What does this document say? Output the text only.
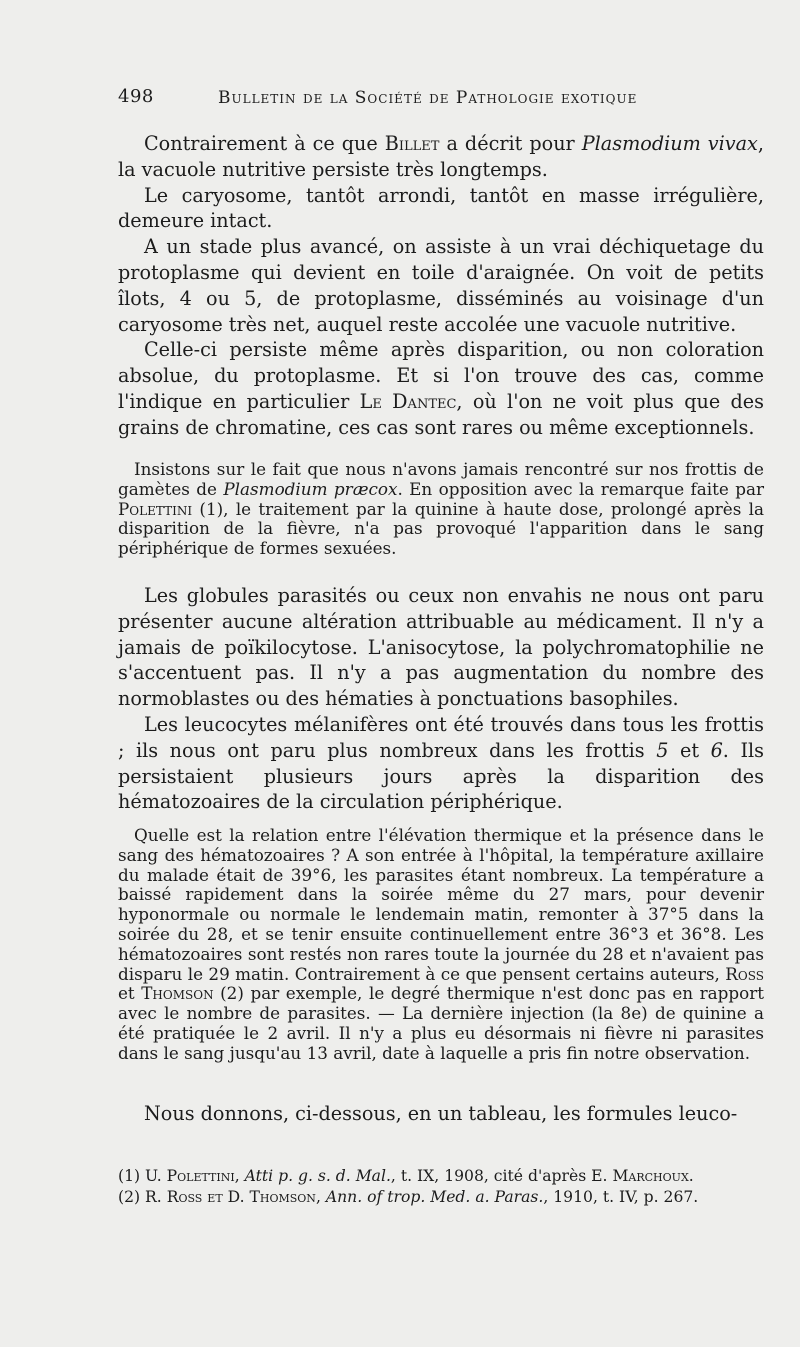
498	Bulletin de la Société de Pathologie exotique

Contrairement à ce que Billet a décrit pour Plasmodium vivax, la vacuole nutritive persiste très longtemps.

Le caryosome, tantôt arrondi, tantôt en masse irrégulière, demeure intact.

A un stade plus avancé, on assiste à un vrai déchiquetage du protoplasme qui devient en toile d'araignée. On voit de petits îlots, 4 ou 5, de protoplasme, disséminés au voisinage d'un caryosome très net, auquel reste accolée une vacuole nutritive.

Celle-ci persiste même après disparition, ou non coloration absolue, du protoplasme. Et si l'on trouve des cas, comme l'indique en particulier Le Dantec, où l'on ne voit plus que des grains de chromatine, ces cas sont rares ou même exceptionnels.

Insistons sur le fait que nous n'avons jamais rencontré sur nos frottis de gamètes de Plasmodium præcox. En opposition avec la remarque faite par Polettini (1), le traitement par la quinine à haute dose, prolongé après la disparition de la fièvre, n'a pas provoqué l'apparition dans le sang périphérique de formes sexuées.

Les globules parasités ou ceux non envahis ne nous ont paru présenter aucune altération attribuable au médicament. Il n'y a jamais de poïkilocytose. L'anisocytose, la polychromatophilie ne s'accentuent pas. Il n'y a pas augmentation du nombre des normoblastes ou des hématies à ponctuations basophiles.

Les leucocytes mélanifères ont été trouvés dans tous les frottis ; ils nous ont paru plus nombreux dans les frottis 5 et 6. Ils persistaient plusieurs jours après la disparition des hématozoaires de la circulation périphérique.

Quelle est la relation entre l'élévation thermique et la présence dans le sang des hématozoaires ? A son entrée à l'hôpital, la température axillaire du malade était de 39°6, les parasites étant nombreux. La température a baissé rapidement dans la soirée même du 27 mars, pour devenir hyponormale ou normale le lendemain matin, remonter à 37°5 dans la soirée du 28, et se tenir ensuite continuellement entre 36°3 et 36°8. Les hématozoaires sont restés non rares toute la journée du 28 et n'avaient pas disparu le 29 matin. Contrairement à ce que pensent certains auteurs, Ross et Thomson (2) par exemple, le degré thermique n'est donc pas en rapport avec le nombre de parasites. — La dernière injection (la 8e) de quinine a été pratiquée le 2 avril. Il n'y a plus eu désormais ni fièvre ni parasites dans le sang jusqu'au 13 avril, date à laquelle a pris fin notre observation.

Nous donnons, ci-dessous, en un tableau, les formules leuco-

(1) U. Polettini, Atti p. g. s. d. Mal., t. IX, 1908, cité d'après E. Marchoux.

(2) R. Ross et D. Thomson, Ann. of trop. Med. a. Paras., 1910, t. IV, p. 267.
